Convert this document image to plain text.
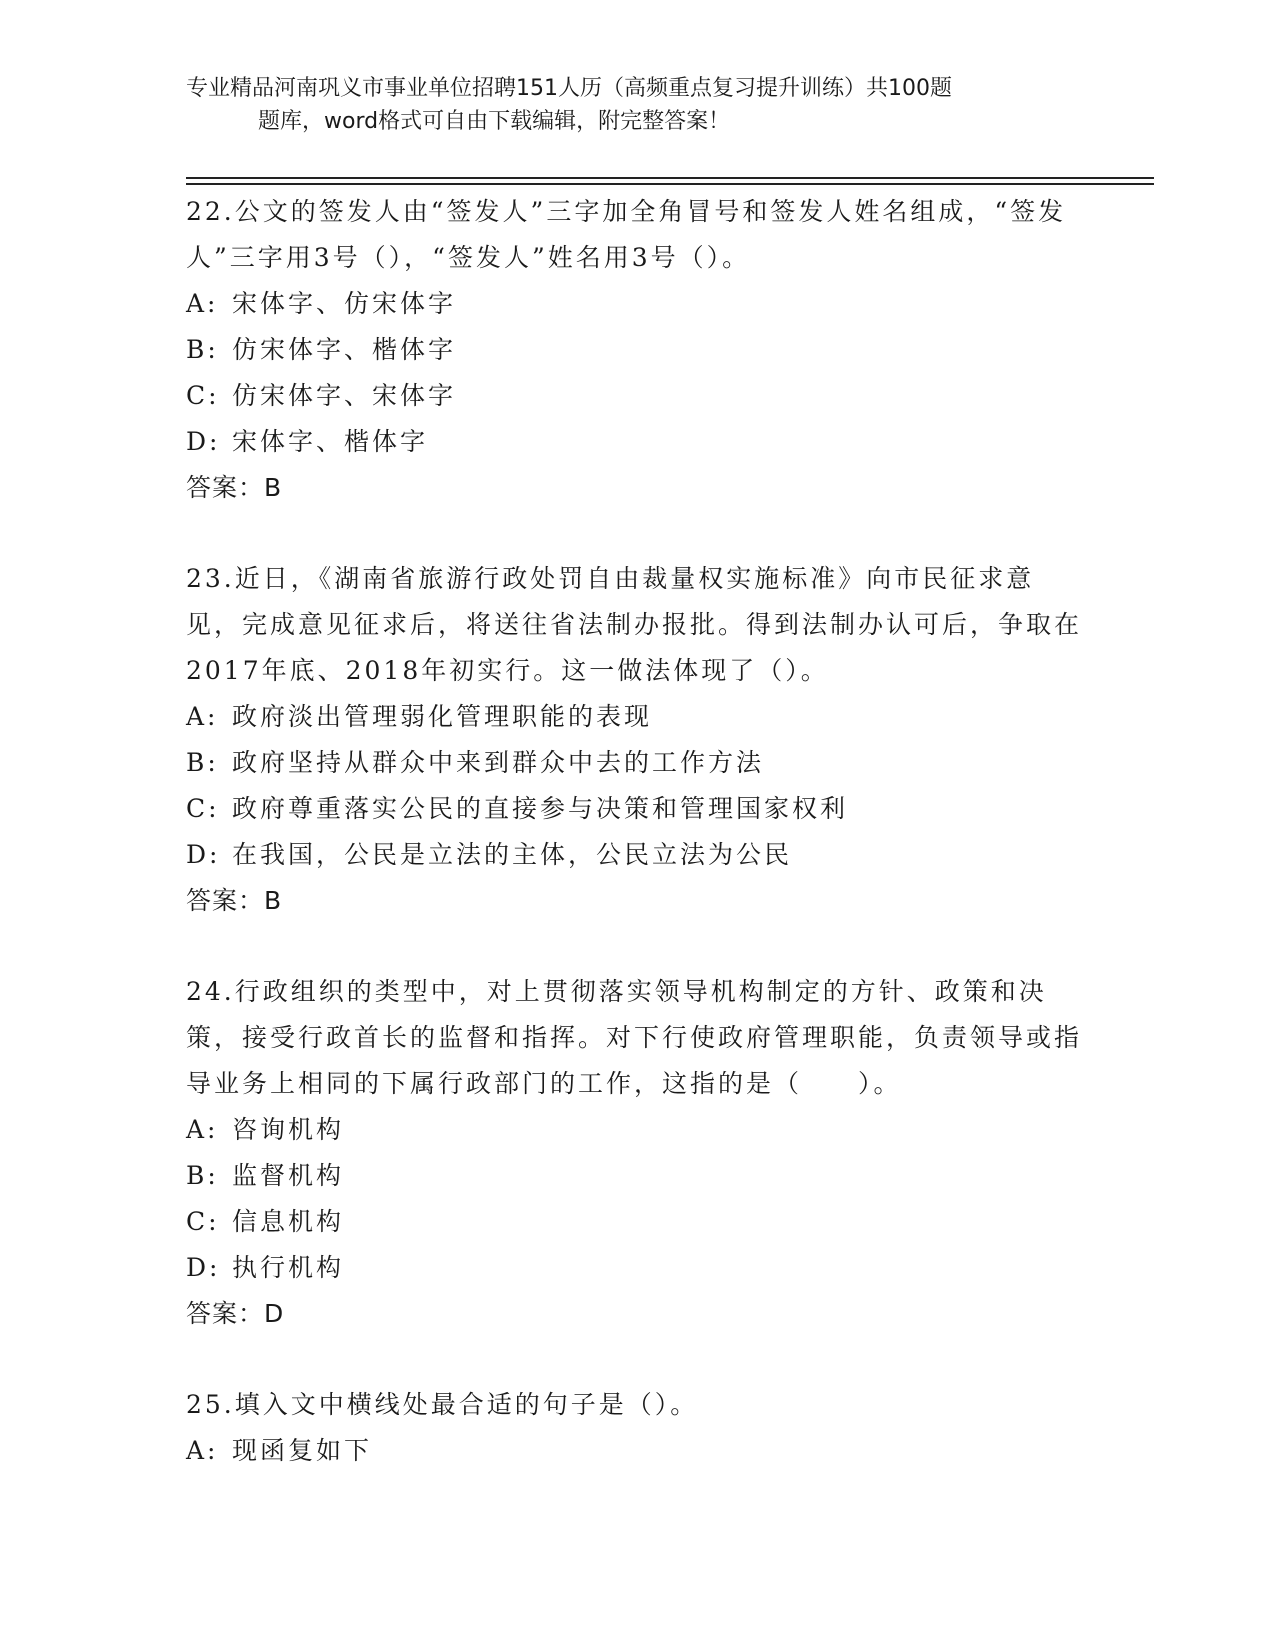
专业精品河南巩义市事业单位招聘151人历（高频重点复习提升训练）共100题
题库，word格式可自由下载编辑，附完整答案！

22.公文的签发人由“签发人”三字加全角冒号和签发人姓名组成，“签发人”三字用3号（），“签发人”姓名用3号（）。

A: 宋体字、仿宋体字
B: 仿宋体字、楷体字
C: 仿宋体字、宋体字
D: 宋体字、楷体字
答案：B

23.近日，《湖南省旅游行政处罚自由裁量权实施标准》向市民征求意见，完成意见征求后，将送往省法制办报批。得到法制办认可后，争取在2017年底、2018年初实行。这一做法体现了（）。

A: 政府淡出管理弱化管理职能的表现
B: 政府坚持从群众中来到群众中去的工作方法
C: 政府尊重落实公民的直接参与决策和管理国家权利
D: 在我国，公民是立法的主体，公民立法为公民
答案：B

24.行政组织的类型中，对上贯彻落实领导机构制定的方针、政策和决策，接受行政首长的监督和指挥。对下行使政府管理职能，负责领导或指导业务上相同的下属行政部门的工作，这指的是（　　）。

A: 咨询机构
B: 监督机构
C: 信息机构
D: 执行机构
答案：D

25.填入文中横线处最合适的句子是（）。

A: 现函复如下
